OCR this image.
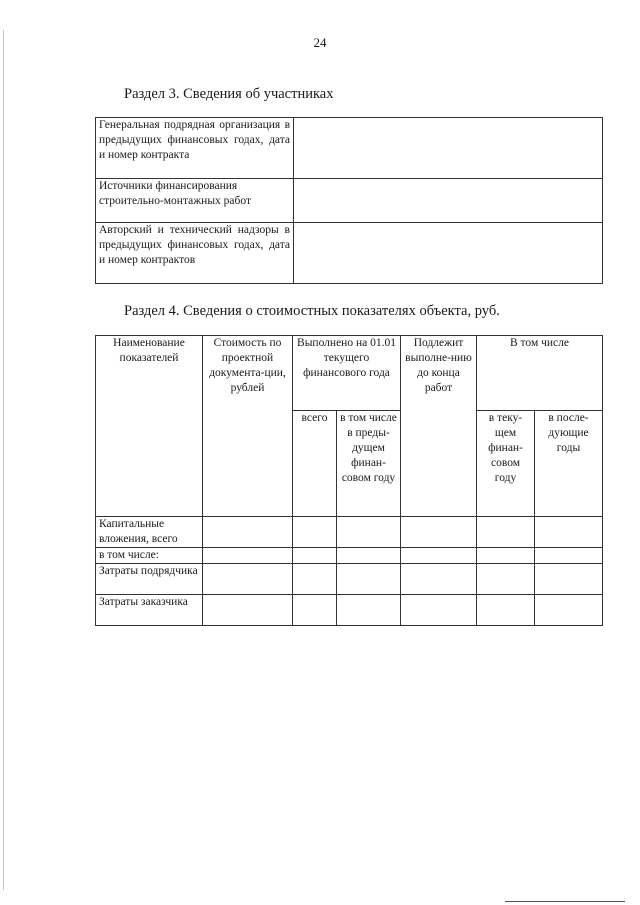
24
Раздел 3. Сведения об участниках
Генеральная подрядная организация в предыдущих финансовых годах, дата и номер контракта	
Источники финансирования строительно-монтажных работ	
Авторский и технический надзоры в предыдущих финансовых годах, дата и номер контрактов	
Раздел 4. Сведения о стоимостных показателях объекта, руб.
Наименование показателей	Стоимость по проектной документа-ции, рублей	Выполнено на 01.01 текущего финансового года		Подлежит выполне-нию до конца работ	В том числе	
		всего	в том числе в преды-дущем финан-совом году		в теку-щем финан-совом году	в после-дующие годы
Капитальные вложения, всего						
в том числе:						
Затраты подрядчика						
Затраты заказчика						
